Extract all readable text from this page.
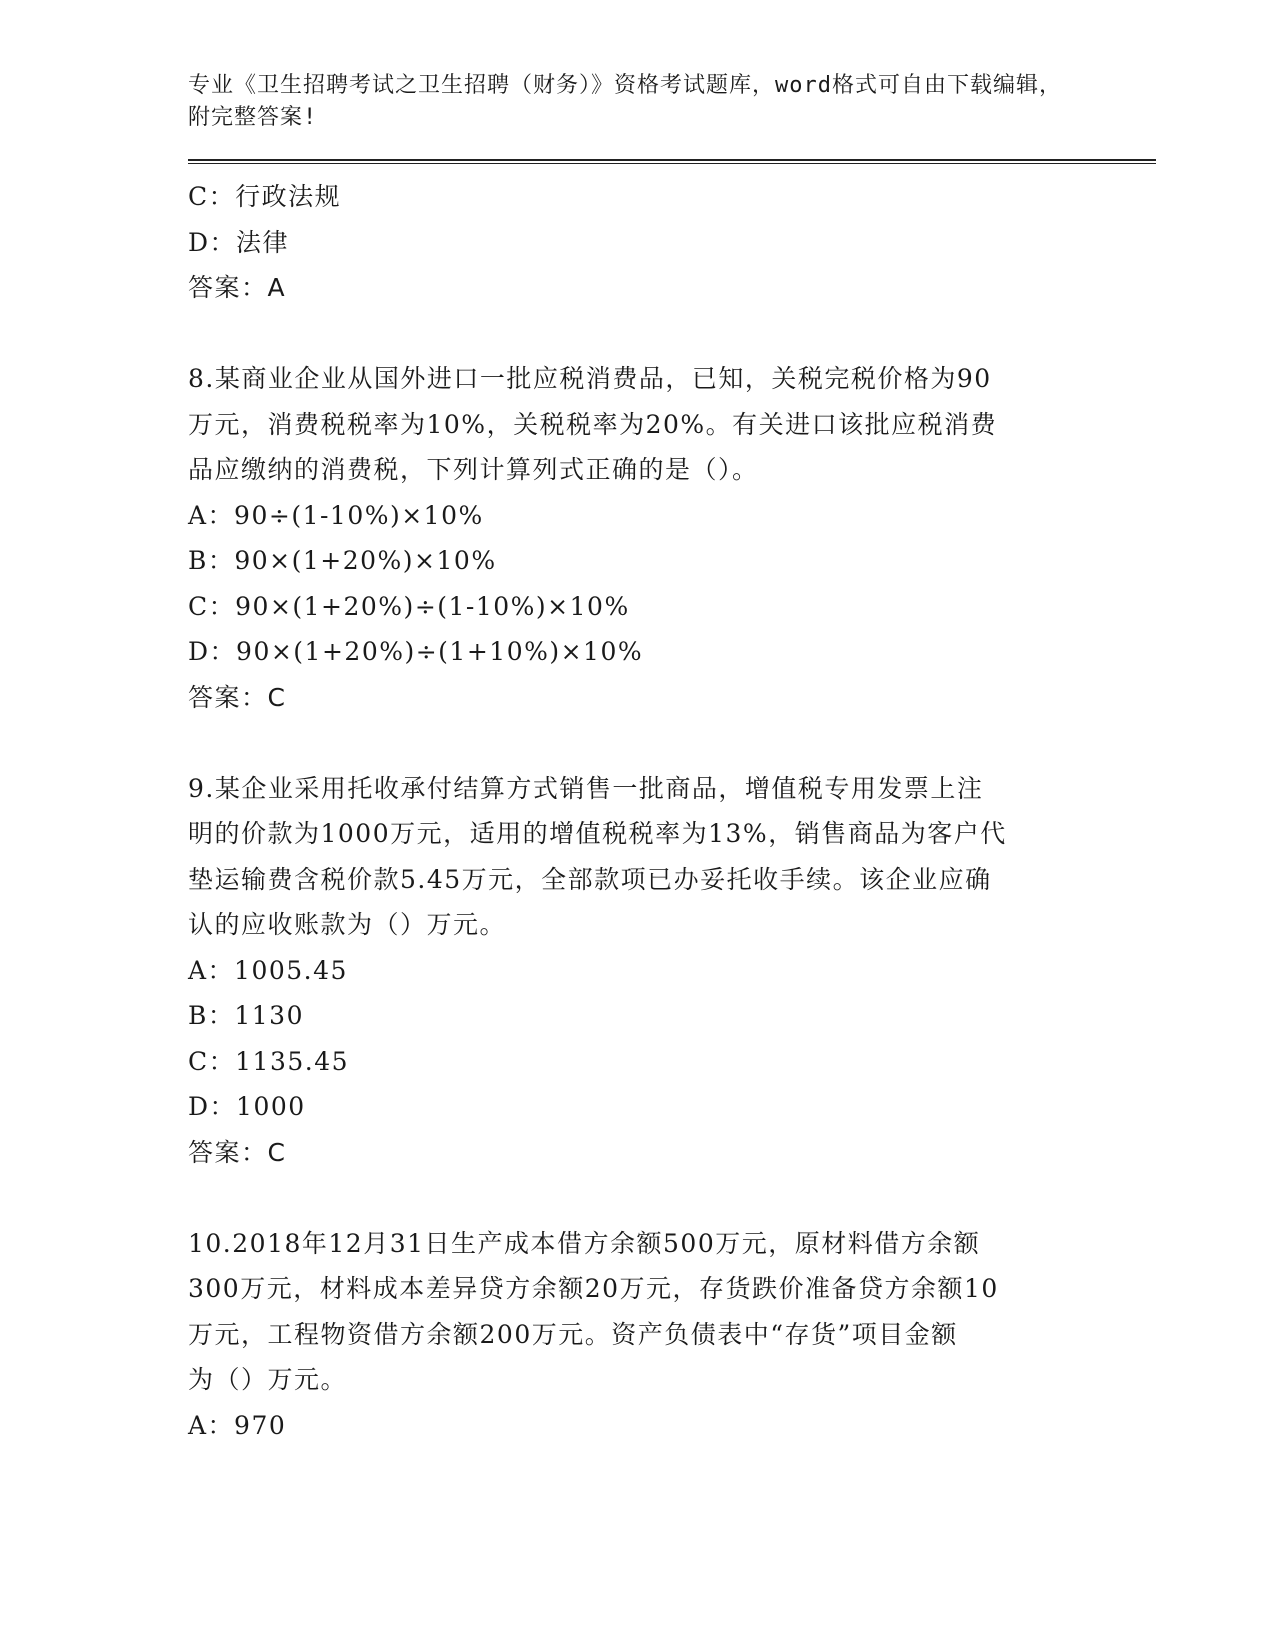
专业《卫生招聘考试之卫生招聘（财务）》资格考试题库，word格式可自由下载编辑，附完整答案!
C：行政法规
D：法律
答案：A
8.某商业企业从国外进口一批应税消费品，已知，关税完税价格为90
万元，消费税税率为10%，关税税率为20%。有关进口该批应税消费
品应缴纳的消费税，下列计算列式正确的是（）。
A：90÷(1-10%)×10%
B：90×(1+20%)×10%
C：90×(1+20%)÷(1-10%)×10%
D：90×(1+20%)÷(1+10%)×10%
答案：C
9.某企业采用托收承付结算方式销售一批商品，增值税专用发票上注
明的价款为1000万元，适用的增值税税率为13%，销售商品为客户代
垫运输费含税价款5.45万元，全部款项已办妥托收手续。该企业应确
认的应收账款为（）万元。
A：1005.45
B：1130
C：1135.45
D：1000
答案：C
10.2018年12月31日生产成本借方余额500万元，原材料借方余额
300万元，材料成本差异贷方余额20万元，存货跌价准备贷方余额10
万元，工程物资借方余额200万元。资产负债表中“存货”项目金额
为（）万元。
A：970
